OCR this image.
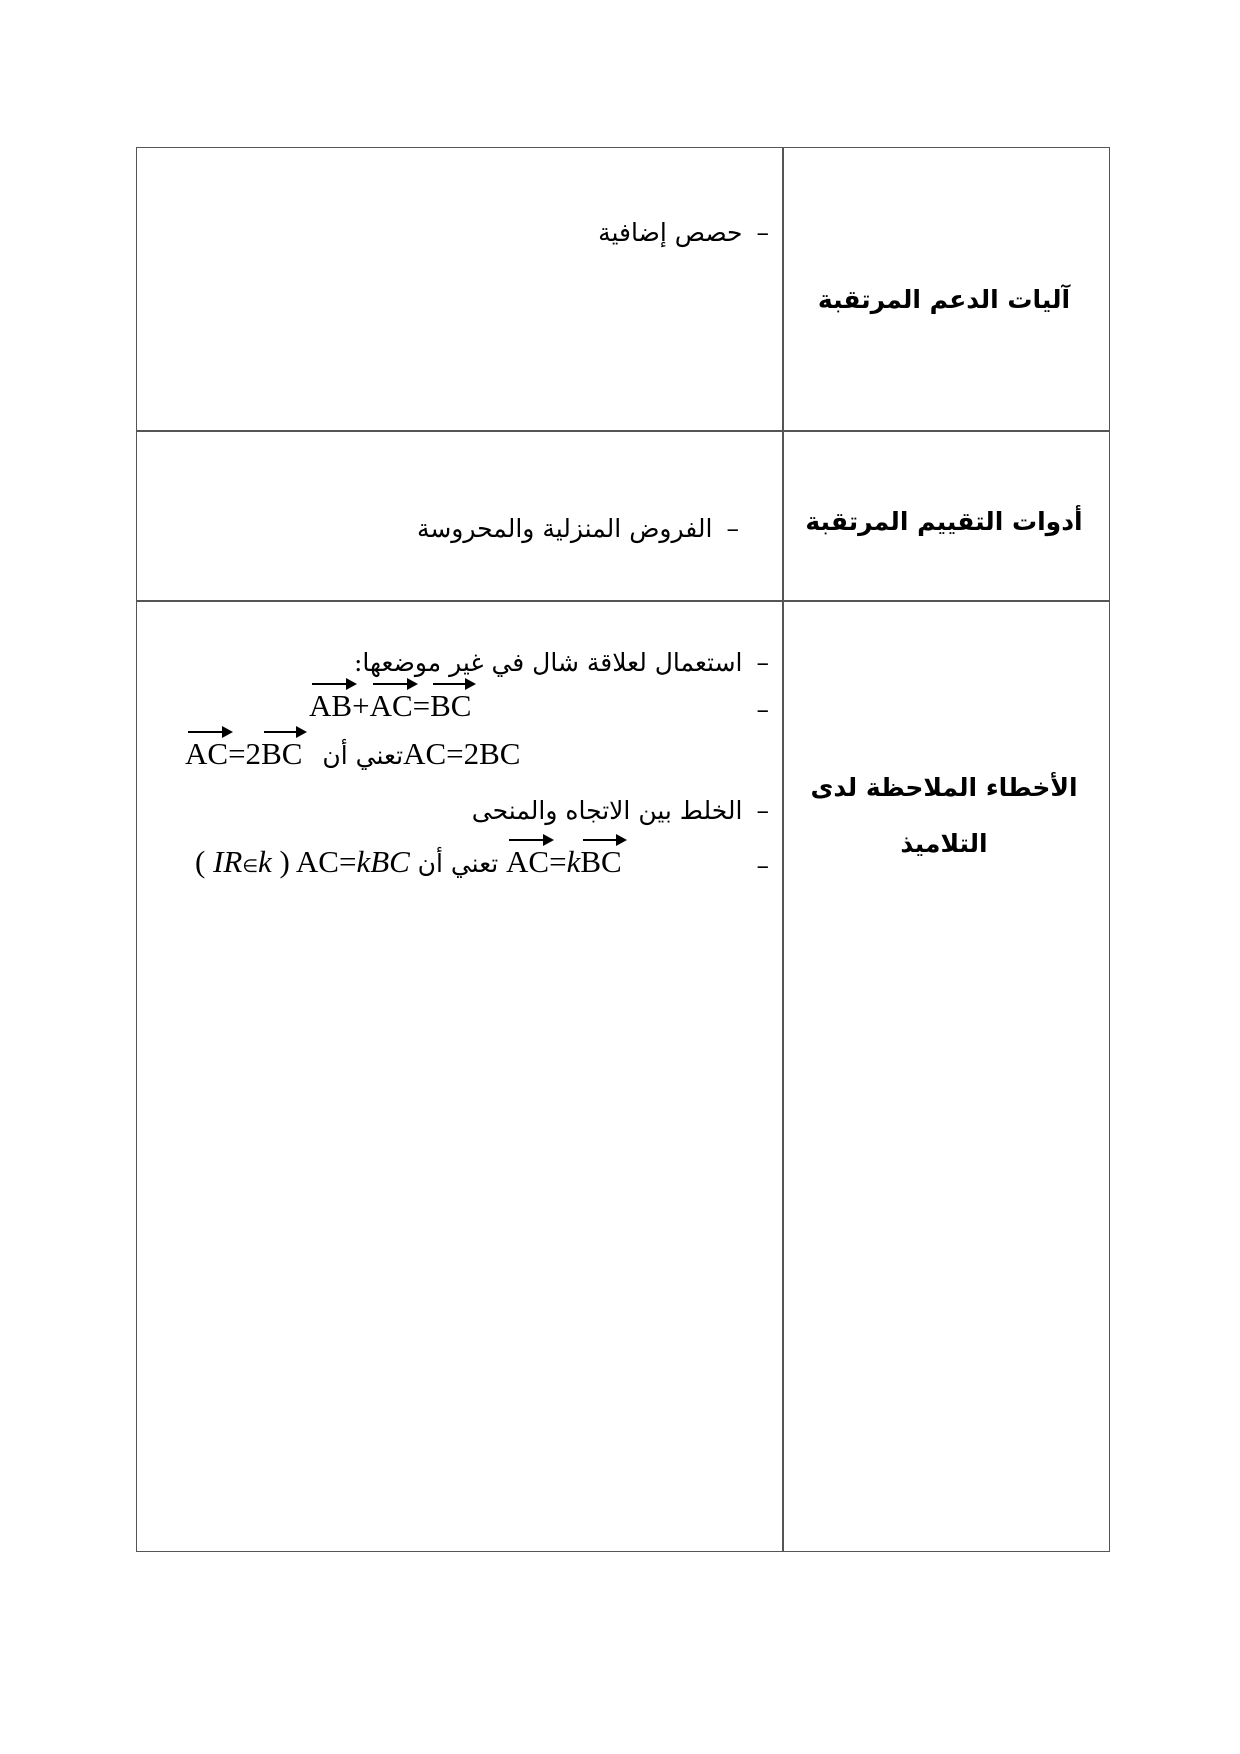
آليات الدعم المرتقبة
–حصص إضافية
أدوات التقييم المرتقبة
–الفروض المنزلية والمحروسة
الأخطاء الملاحظة لدى
التلاميذ
–استعمال لعلاقة شال في غير موضعها:
–
AB+AC=BC
AC=2BC تعني أنAC=2BC
–الخلط بين الاتجاه والمنحى
–
( IR∈k ) AC=kBC تعني أن AC=kBC
